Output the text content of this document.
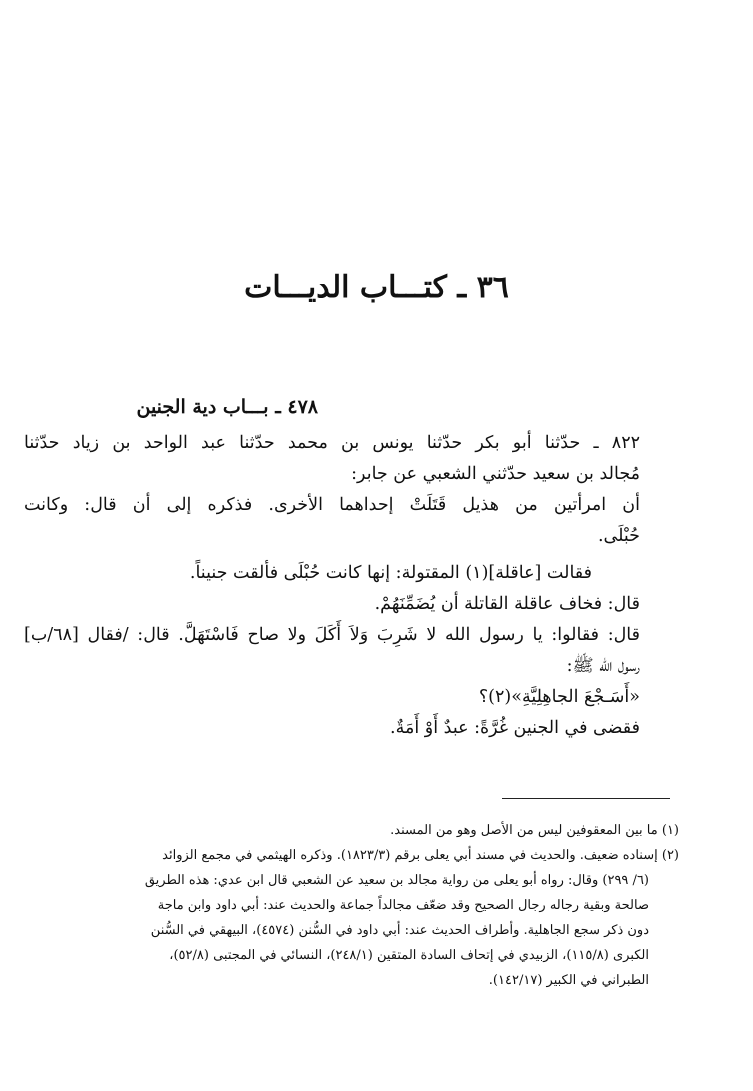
٣٦ ـ كتـــاب الديـــات
٤٧٨ ـ بـــاب دية الجنين
٨٢٢ ـ حدّثنا أبو بكر حدّثنا يونس بن محمد حدّثنا عبد الواحد بن زياد حدّثنا
مُجالد بن سعيد حدّثني الشعبي عن جابر:
أن امرأتين من هذيل قَتَلَتْ إحداهما الأخرى. فذكره إلى أن قال: وكانت
حُبْلَى.
فقالت [عاقلة](١) المقتولة: إنها كانت حُبْلَى فألقت جنيناً.
قال: فخاف عاقلة القاتلة أن يُضَمِّنَهُمْ.
قال: فقالوا: يا رسول الله لا شَرِبَ وَلاَ أَكَلَ ولا صاح فَاسْتَهَلَّ. قال: /فقال [٦٨/ب]
رسول الله ﷺ:
«أَسَـجْعَ الجاهِلِيَّةِ»(٢)؟
فقضى في الجنين غُرَّةً: عبدٌ أَوْ أَمَةٌ.
(١) ما بين المعقوفين ليس من الأصل وهو من المسند.
(٢) إسناده ضعيف. والحديث في مسند أبي يعلى برقم (١٨٢٣/٣). وذكره الهيثمي في مجمع الزوائد
(٦/ ٢٩٩) وقال: رواه أبو يعلى من رواية مجالد بن سعيد عن الشعبي قال ابن عدي: هذه الطريق
صالحة وبقية رجاله رجال الصحيح وقد ضعّف مجالداً جماعة والحديث عند: أبي داود وابن ماجة
دون ذكر سجع الجاهلية. وأطراف الحديث عند: أبي داود في السُّنن (٤٥٧٤)، البيهقي في السُّنن
الكبرى (١١٥/٨)، الزبيدي في إتحاف السادة المتقين (٢٤٨/١)، النسائي في المجتبى (٥٢/٨)،
الطبراني في الكبير (١٤٢/١٧).
